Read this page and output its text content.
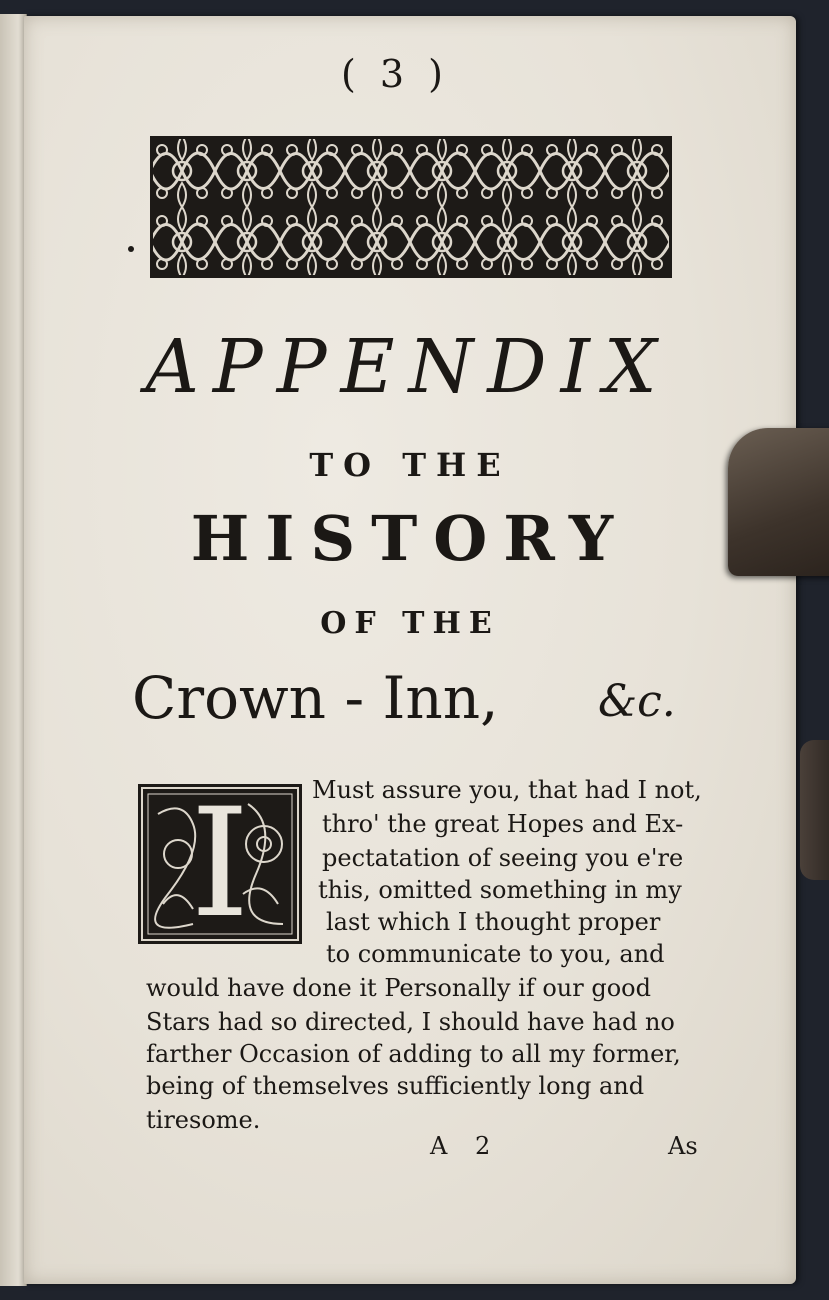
( 3 )
APPENDIX
TO THE
HISTORY
OF THE
Crown - Inn,	&c.
I	Must assure you, that had I not,
thro' the great Hopes and Ex-
pectatation of seeing you e're
this, omitted something in my
last which I thought proper
to communicate to you, and
would have done it Personally if our good
Stars had so directed, I should have had no
farther Occasion of adding to all my former,
being of themselves sufficiently long and
tiresome.
A 2	As
